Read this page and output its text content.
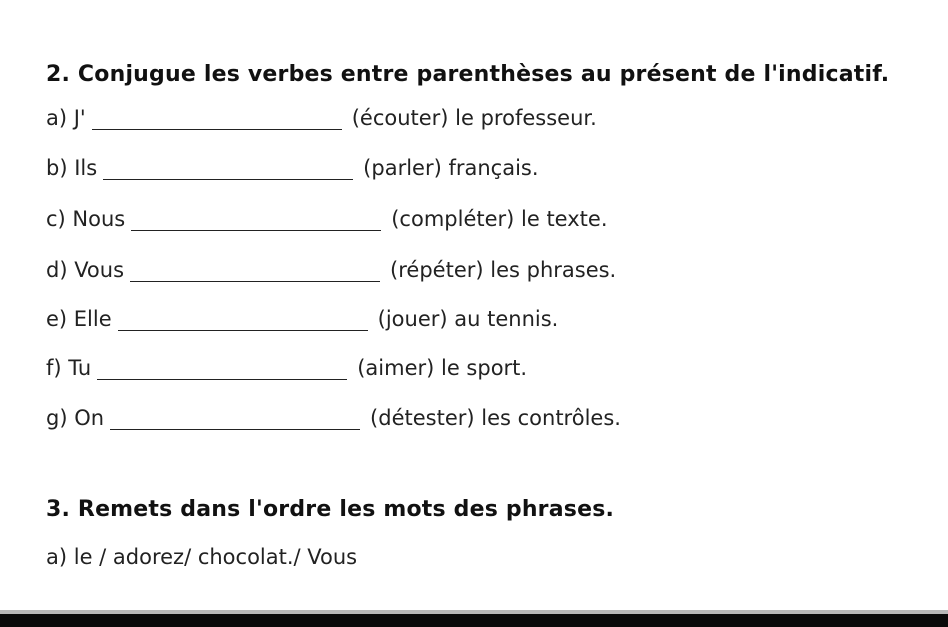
2. Conjugue les verbes entre parenthèses au présent de l'indicatif.
a) J'	(écouter) le professeur.
b) Ils	(parler) français.
c) Nous	(compléter) le texte.
d) Vous	(répéter) les phrases.
e) Elle	(jouer) au tennis.
f) Tu	(aimer) le sport.
g) On	(détester) les contrôles.
3. Remets dans l'ordre les mots des phrases.
a) le / adorez/ chocolat./ Vous
